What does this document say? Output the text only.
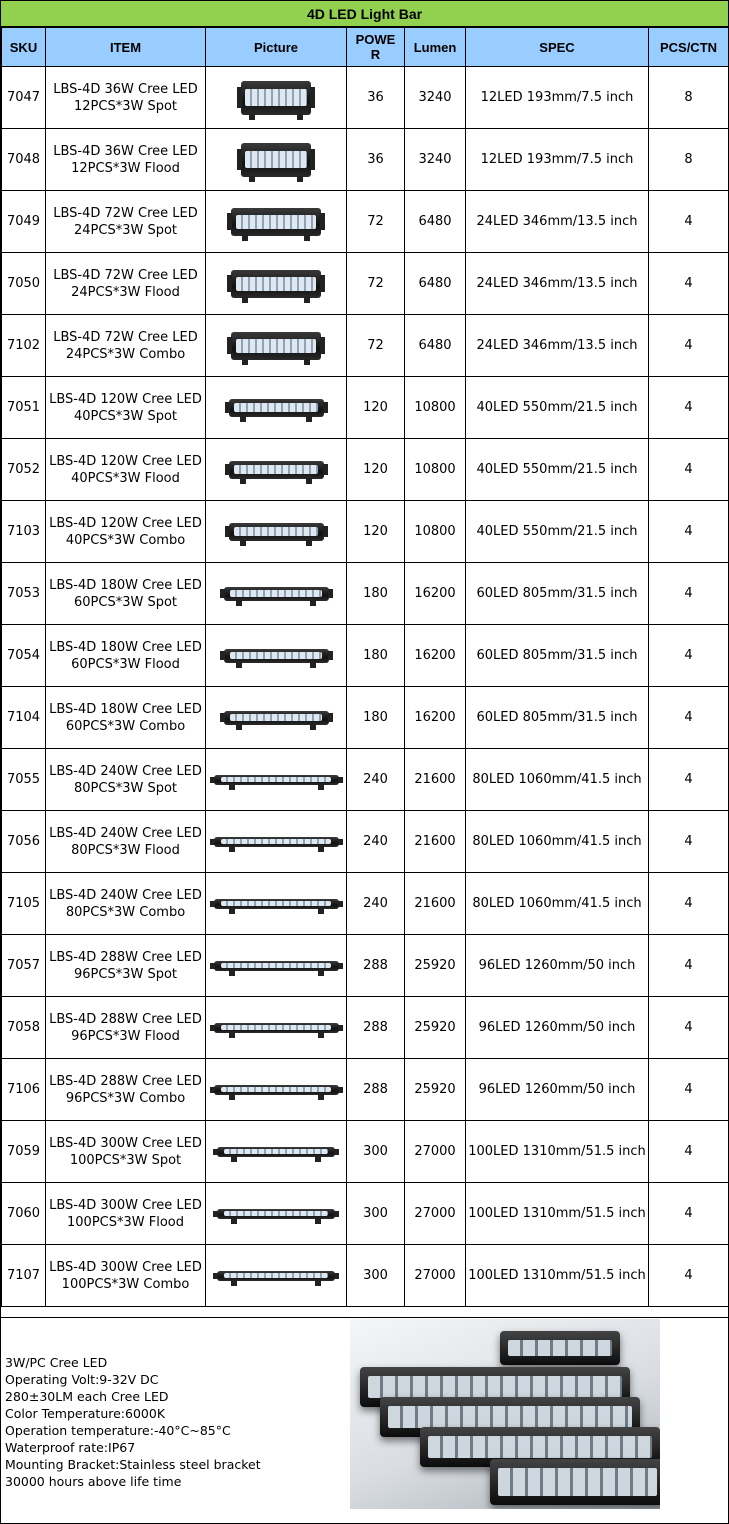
4D LED Light Bar
SKU	ITEM	Picture	POWER	Lumen	SPEC	PCS/CTN
7047	LBS-4D 36W Cree LED 12PCS*3W Spot		36	3240	12LED 193mm/7.5 inch	8
7048	LBS-4D 36W Cree LED 12PCS*3W Flood		36	3240	12LED 193mm/7.5 inch	8
7049	LBS-4D 72W Cree LED 24PCS*3W Spot		72	6480	24LED 346mm/13.5 inch	4
7050	LBS-4D 72W Cree LED 24PCS*3W Flood		72	6480	24LED 346mm/13.5 inch	4
7102	LBS-4D 72W Cree LED 24PCS*3W Combo		72	6480	24LED 346mm/13.5 inch	4
7051	LBS-4D 120W Cree LED 40PCS*3W Spot		120	10800	40LED 550mm/21.5 inch	4
7052	LBS-4D 120W Cree LED 40PCS*3W Flood		120	10800	40LED 550mm/21.5 inch	4
7103	LBS-4D 120W Cree LED 40PCS*3W Combo		120	10800	40LED 550mm/21.5 inch	4
7053	LBS-4D 180W Cree LED 60PCS*3W Spot		180	16200	60LED 805mm/31.5 inch	4
7054	LBS-4D 180W Cree LED 60PCS*3W Flood		180	16200	60LED 805mm/31.5 inch	4
7104	LBS-4D 180W Cree LED 60PCS*3W Combo		180	16200	60LED 805mm/31.5 inch	4
7055	LBS-4D 240W Cree LED 80PCS*3W Spot		240	21600	80LED 1060mm/41.5 inch	4
7056	LBS-4D 240W Cree LED 80PCS*3W Flood		240	21600	80LED 1060mm/41.5 inch	4
7105	LBS-4D 240W Cree LED 80PCS*3W Combo		240	21600	80LED 1060mm/41.5 inch	4
7057	LBS-4D 288W Cree LED 96PCS*3W Spot		288	25920	96LED 1260mm/50 inch	4
7058	LBS-4D 288W Cree LED 96PCS*3W Flood		288	25920	96LED 1260mm/50 inch	4
7106	LBS-4D 288W Cree LED 96PCS*3W Combo		288	25920	96LED 1260mm/50 inch	4
7059	LBS-4D 300W Cree LED 100PCS*3W Spot		300	27000	100LED 1310mm/51.5 inch	4
7060	LBS-4D 300W Cree LED 100PCS*3W Flood		300	27000	100LED 1310mm/51.5 inch	4
7107	LBS-4D 300W Cree LED 100PCS*3W Combo		300	27000	100LED 1310mm/51.5 inch	4
3W/PC Cree LED
Operating Volt:9-32V DC
280±30LM each Cree LED
Color Temperature:6000K
Operation temperature:-40°C~85°C
Waterproof rate:IP67
Mounting Bracket:Stainless steel bracket
30000 hours above life time
